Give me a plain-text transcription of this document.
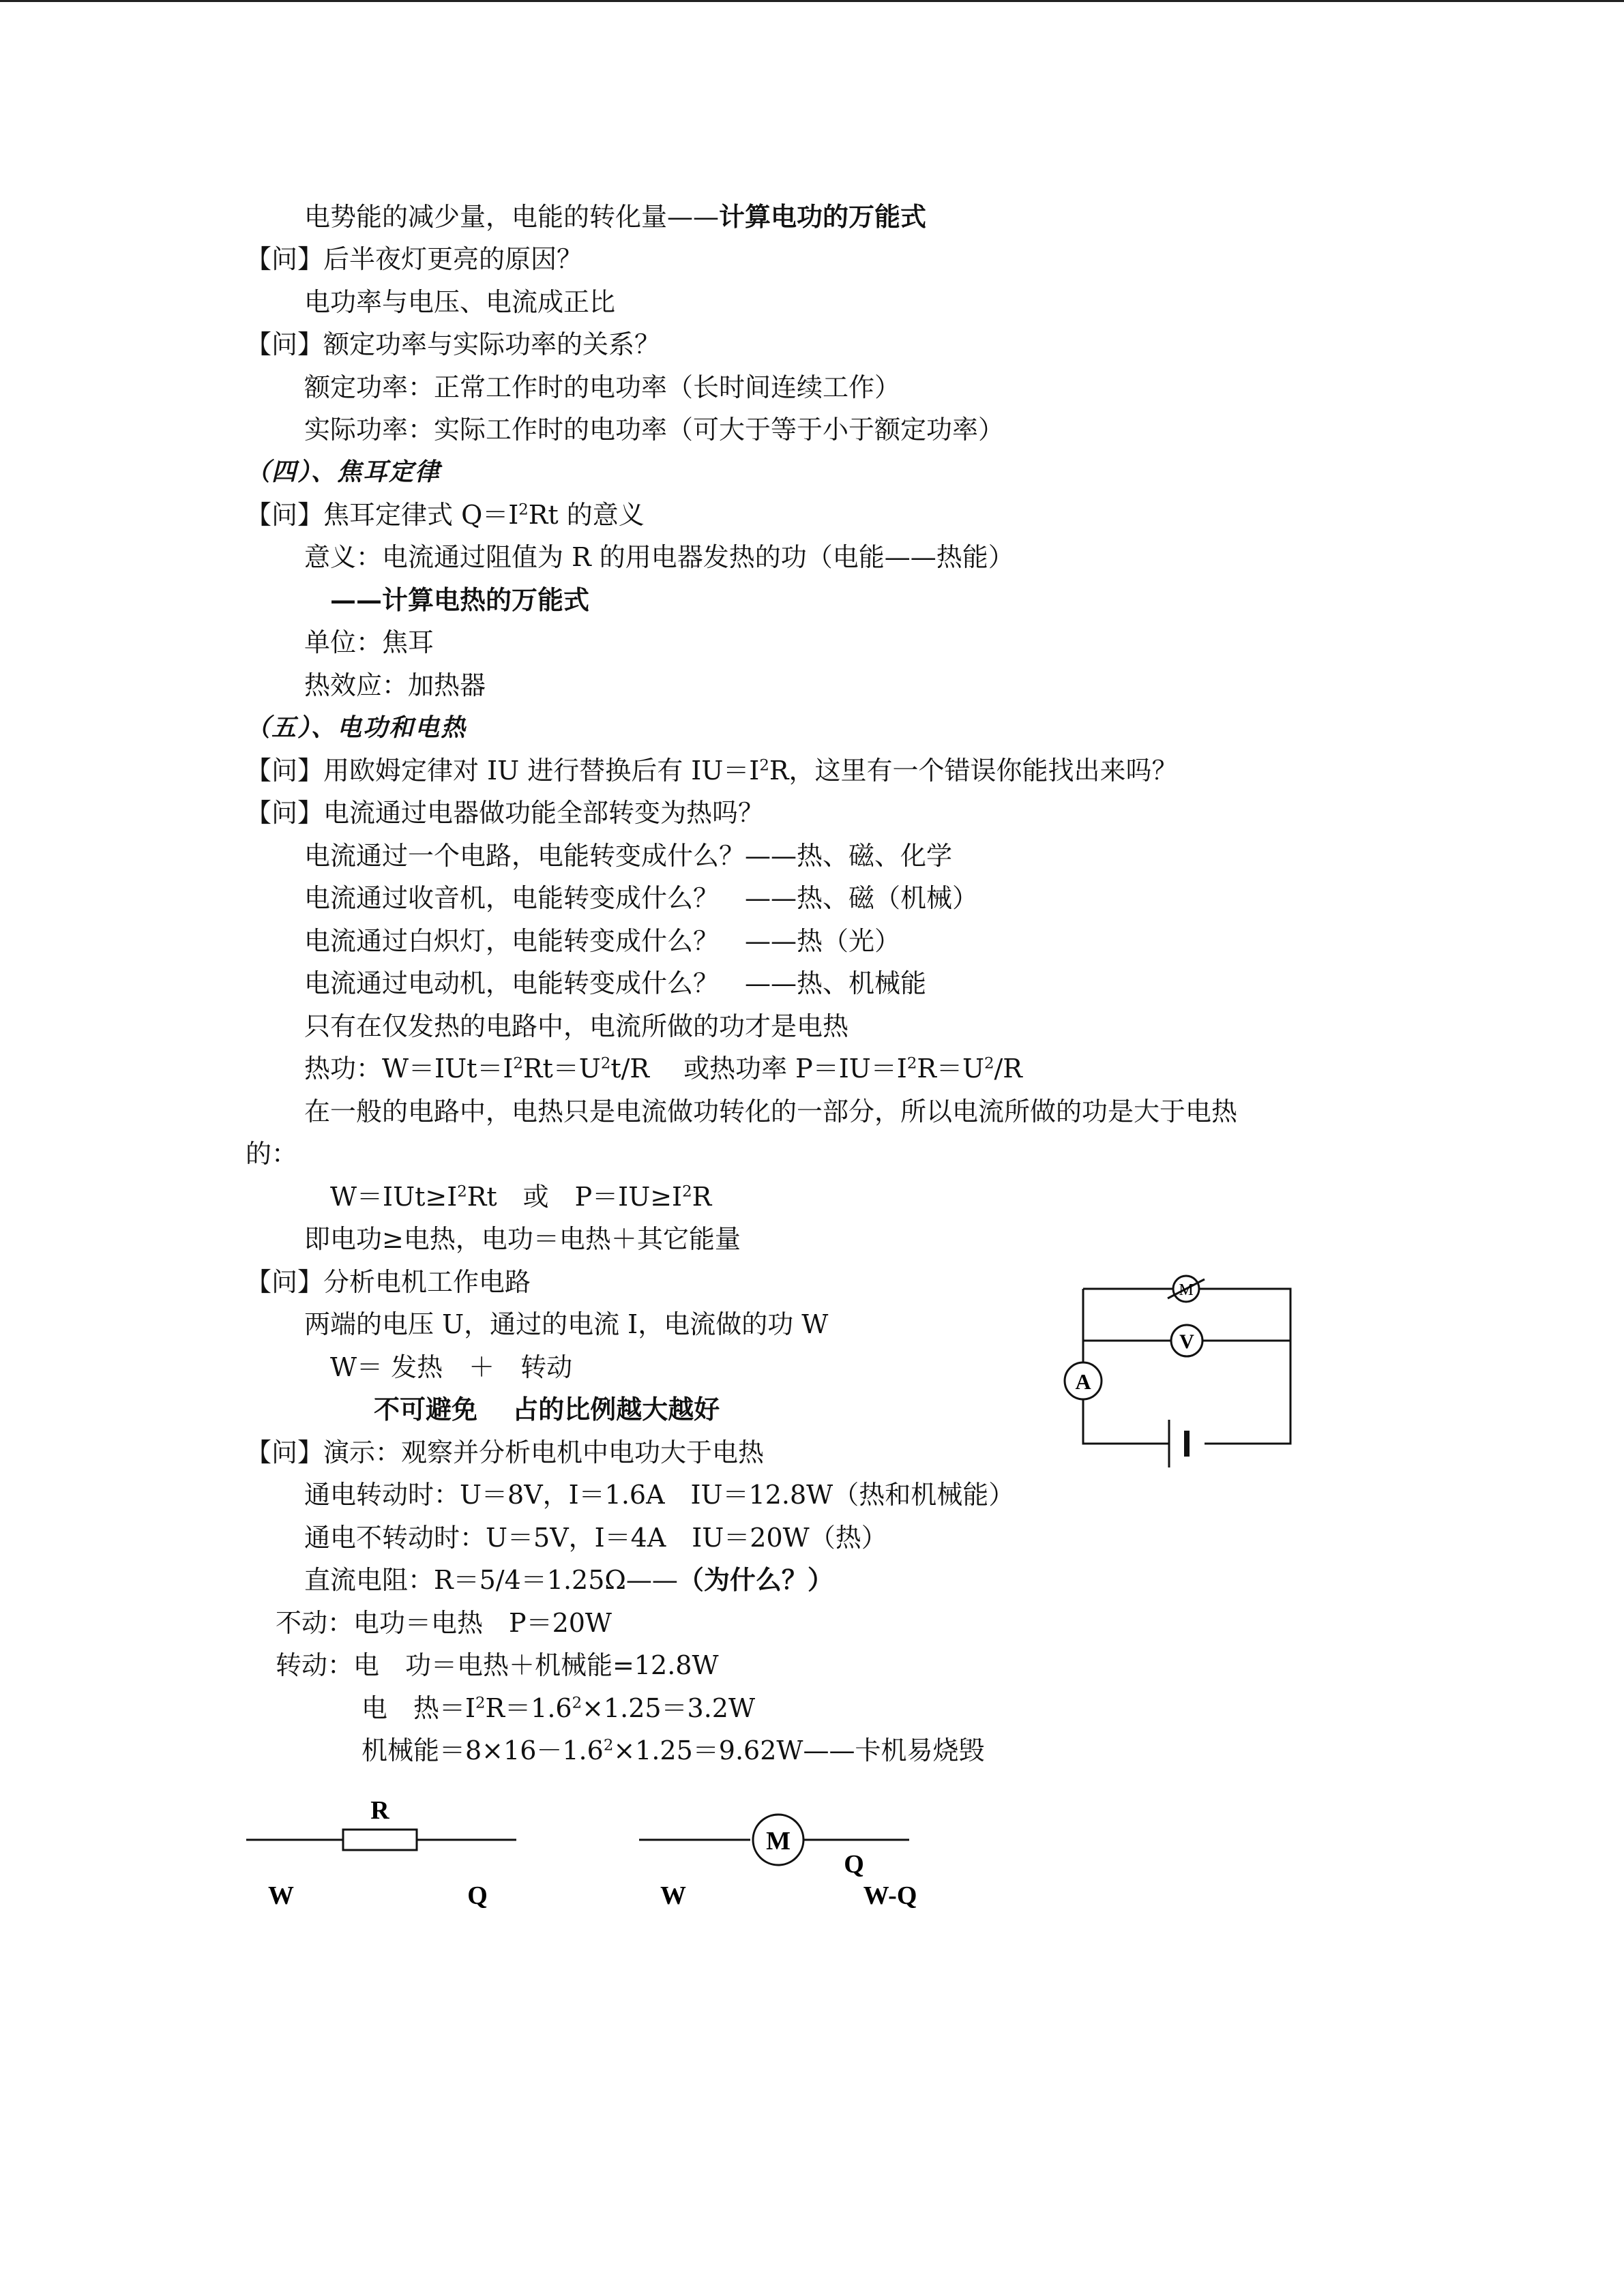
电势能的减少量，电能的转化量——计算电功的万能式
【问】后半夜灯更亮的原因？
电功率与电压、电流成正比
【问】额定功率与实际功率的关系？
额定功率：正常工作时的电功率（长时间连续工作）
实际功率：实际工作时的电功率（可大于等于小于额定功率）
（四）、焦耳定律
【问】焦耳定律式 $Q=I^2Rt$ 的意义
意义：电流通过阻值为 R 的用电器发热的功（电能——热能）
——计算电热的万能式
单位：焦耳
热效应：加热器
（五）、电功和电热
【问】用欧姆定律对 IU 进行替换后有 $IU=I^2R$，这里有一个错误你能找出来吗？
【问】电流通过电器做功能全部转变为热吗？
电流通过一个电路，电能转变成什么？——热、磁、化学
电流通过收音机，电能转变成什么？　——热、磁（机械）
电流通过白炽灯，电能转变成什么？　——热（光）
电流通过电动机，电能转变成什么？　——热、机械能
只有在仅发热的电路中，电流所做的功才是电热
热功：$W=IUt=I^2Rt=U^2t/R$　 或热功率 $P=IU=I^2R=U^2/R$
在一般的电路中，电热只是电流做功转化的一部分，所以电流所做的功是大于电热
的：
$W=IUt\ge I^2Rt$　或　$P=IU\ge I^2R$
即电功≥电热，电功＝电热＋其它能量
【问】分析电机工作电路
两端的电压 U，通过的电流 I，电流做的功 W
W＝ 发热　＋　转动
不可避免　 占的比例越大越好
【问】演示：观察并分析电机中电功大于电热
通电转动时：U＝8V，I＝1.6A　IU＝12.8W（热和机械能）
通电不转动时：U＝5V，I＝4A　IU＝20W（热）
直流电阻：R＝5/4＝1.25Ω——（为什么？）
不动：电功＝电热　P＝20W
转动：电　功＝电热＋机械能=12.8W
电　热$=I^2R=1.6^2\times 1.25=3.2W$
机械能$=8\times 16-1.6^2\times 1.25=9.62W——$卡机易烧毁
M
V
A
R
M
W	Q	W
Q
W-Q
